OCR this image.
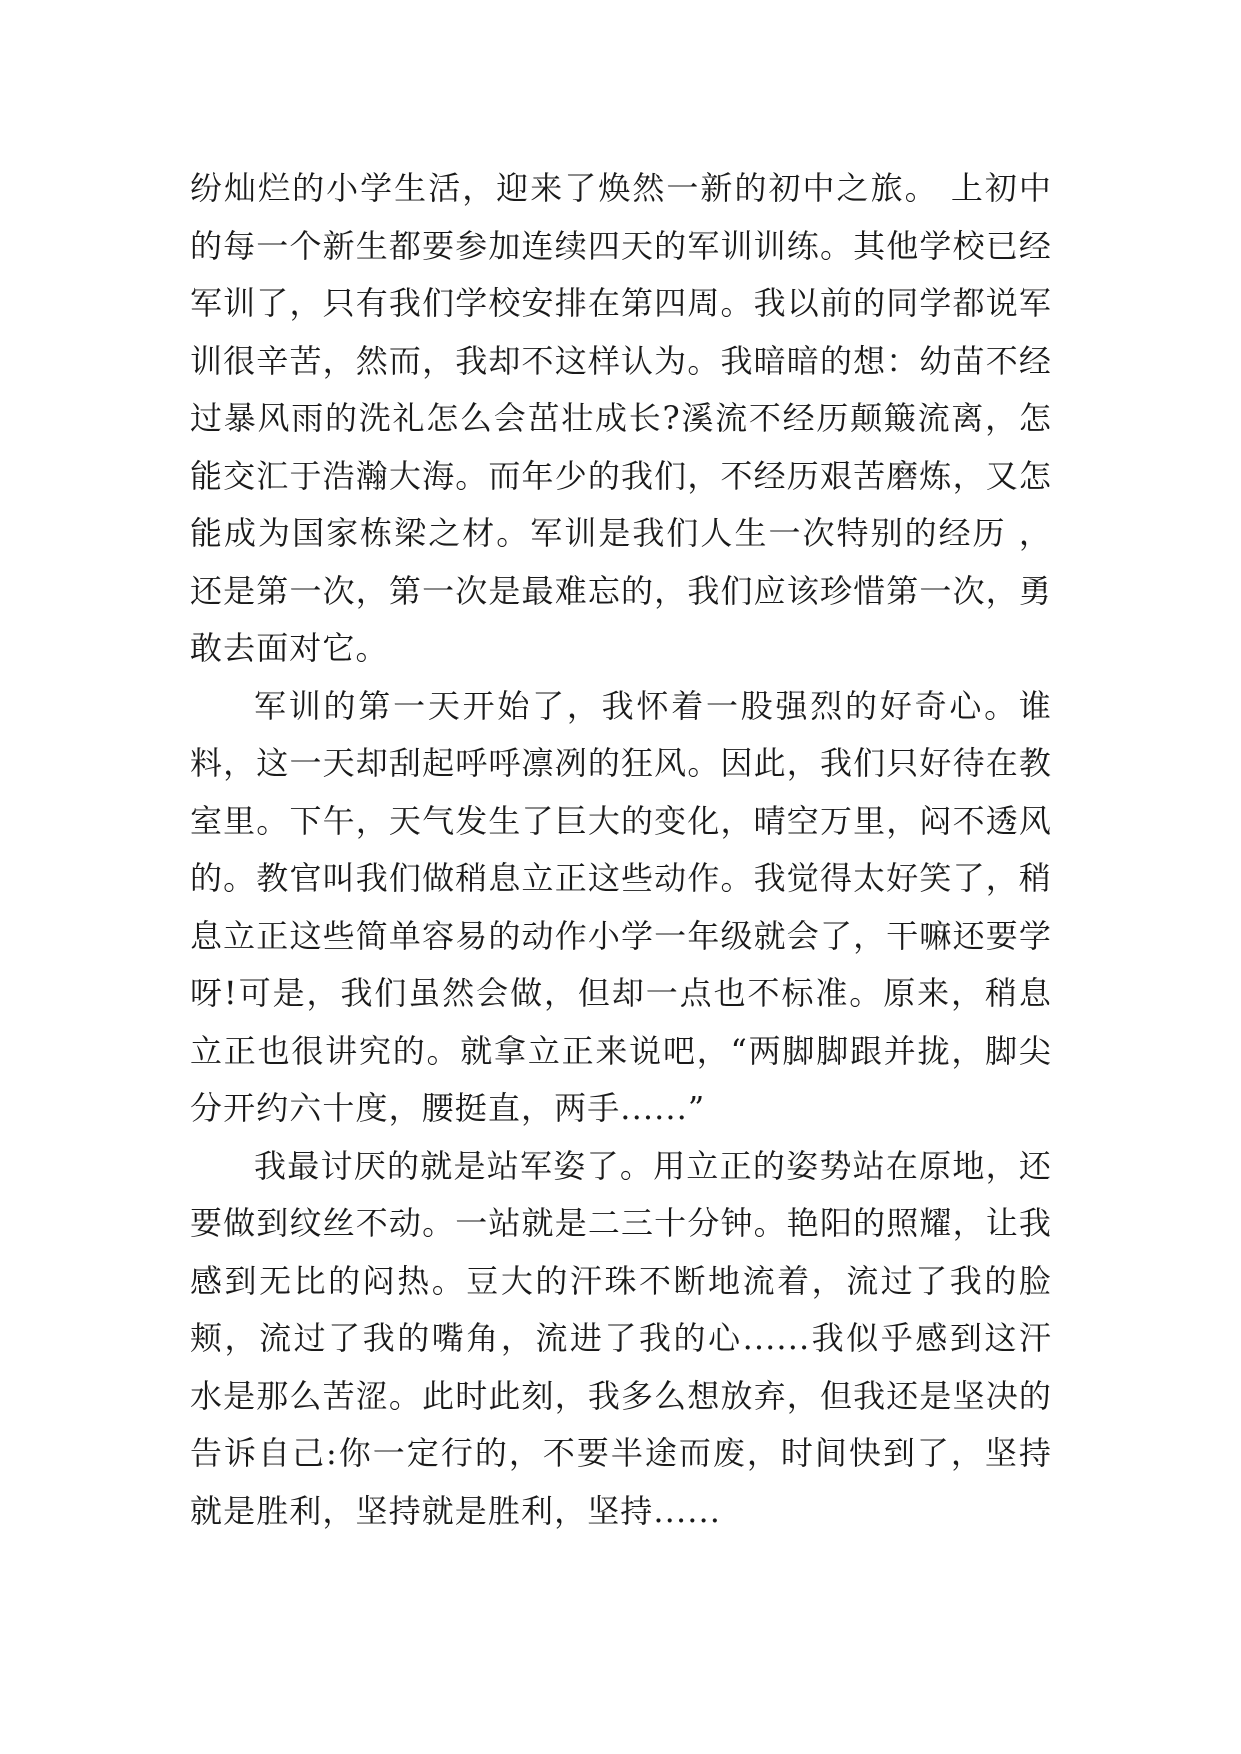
纷灿烂的小学生活，迎来了焕然一新的初中之旅。 上初中的每一个新生都要参加连续四天的军训训练。其他学校已经军训了，只有我们学校安排在第四周。我以前的同学都说军训很辛苦，然而，我却不这样认为。我暗暗的想：幼苗不经过暴风雨的洗礼怎么会茁壮成长?溪流不经历颠簸流离，怎能交汇于浩瀚大海。而年少的我们，不经历艰苦磨炼，又怎能成为国家栋梁之材。军训是我们人生一次特别的经历 ，还是第一次，第一次是最难忘的，我们应该珍惜第一次，勇敢去面对它。

军训的第一天开始了，我怀着一股强烈的好奇心。谁料，这一天却刮起呼呼凛冽的狂风。因此，我们只好待在教室里。下午，天气发生了巨大的变化，晴空万里，闷不透风的。教官叫我们做稍息立正这些动作。我觉得太好笑了，稍息立正这些简单容易的动作小学一年级就会了，干嘛还要学呀!可是，我们虽然会做，但却一点也不标准。原来，稍息立正也很讲究的。就拿立正来说吧，“两脚脚跟并拢，脚尖分开约六十度，腰挺直，两手......”

我最讨厌的就是站军姿了。用立正的姿势站在原地，还要做到纹丝不动。一站就是二三十分钟。艳阳的照耀，让我感到无比的闷热。豆大的汗珠不断地流着，流过了我的脸颊，流过了我的嘴角，流进了我的心......我似乎感到这汗水是那么苦涩。此时此刻，我多么想放弃，但我还是坚决的告诉自己:你一定行的，不要半途而废，时间快到了，坚持就是胜利，坚持就是胜利，坚持......
